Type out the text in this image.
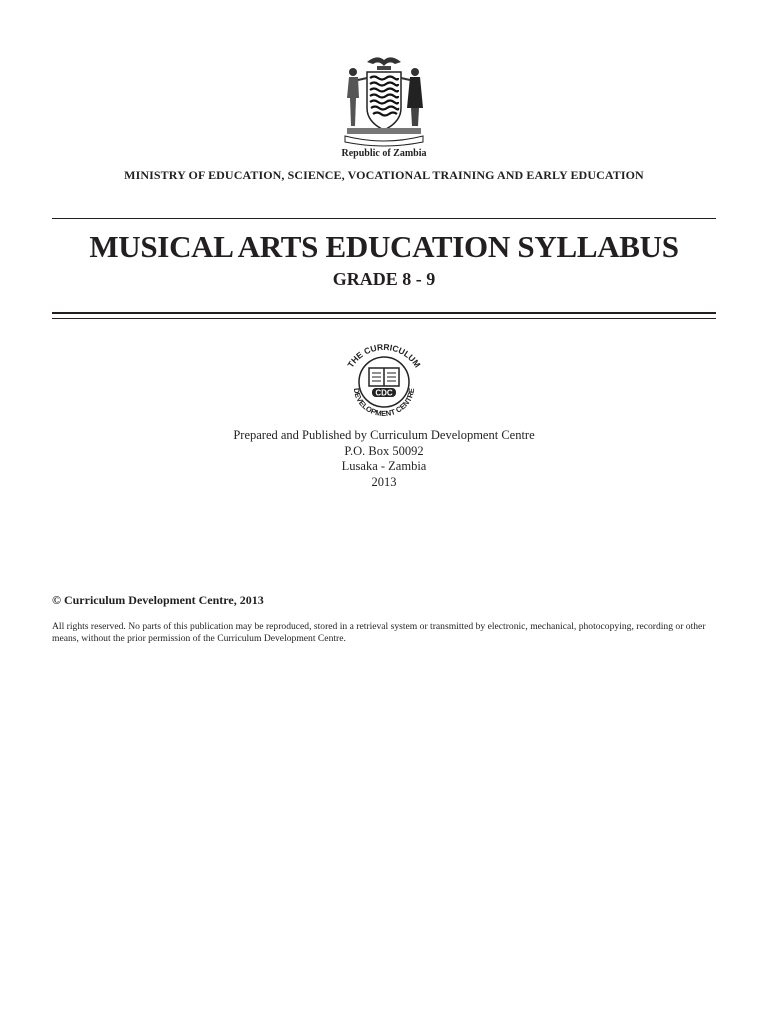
Republic of Zambia
MINISTRY OF EDUCATION, SCIENCE, VOCATIONAL TRAINING AND EARLY EDUCATION
MUSICAL ARTS EDUCATION SYLLABUS
GRADE 8 - 9
THE CURRICULUM
DEVELOPMENT CENTRE
CDC
Prepared and Published by Curriculum Development Centre
P.O. Box 50092
Lusaka - Zambia
2013
© Curriculum Development Centre, 2013
All rights reserved. No parts of this publication may be reproduced, stored in a retrieval system or transmitted by electronic, mechanical, photocopying, recording or other means, without the prior permission of the Curriculum Development Centre.
